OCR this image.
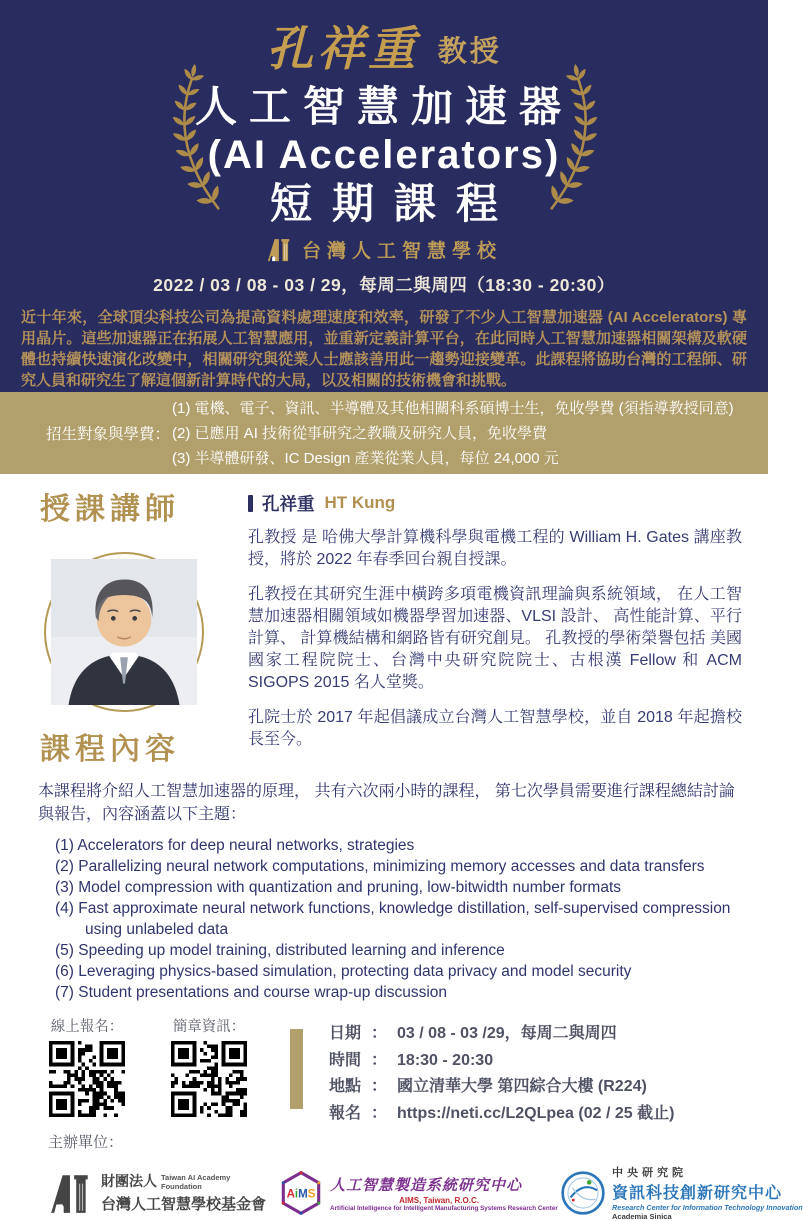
孔祥重 教授
人工智慧加速器
(AI Accelerators)
短期課程
台灣人工智慧學校
2022 / 03 / 08 - 03 / 29，每周二與周四（18:30 - 20:30）

近十年來，全球頂尖科技公司為提高資料處理速度和效率，研發了不少人工智慧加速器 (AI Accelerators) 專用晶片。這些加速器正在拓展人工智慧應用，並重新定義計算平台，在此同時人工智慧加速器相關架構及軟硬體也持續快速演化改變中，相關研究與從業人士應該善用此一趨勢迎接變革。此課程將協助台灣的工程師、研究人員和研究生了解這個新計算時代的大局，以及相關的技術機會和挑戰。

招生對象與學費：
(1) 電機、電子、資訊、半導體及其他相關科系碩博士生，免收學費 (須指導教授同意)
(2) 已應用 AI 技術從事研究之教職及研究人員，免收學費
(3) 半導體研發、IC Design 產業從業人員，每位 24,000 元
授課講師
課程內容
孔祥重 HT Kung

孔教授 是 哈佛大學計算機科學與電機工程的 William H. Gates 講座教授，將於 2022 年春季回台親自授課。

孔教授在其研究生涯中橫跨多項電機資訊理論與系統領域， 在人工智慧加速器相關領域如機器學習加速器、VLSI 設計、 高性能計算、平行計算、 計算機結構和網路皆有研究創見。 孔教授的學術榮譽包括 美國國家工程院院士、台灣中央研究院院士、古根漢 Fellow 和 ACM SIGOPS 2015 名人堂獎。

孔院士於 2017 年起倡議成立台灣人工智慧學校，並自 2018 年起擔校長至今。

本課程將介紹人工智慧加速器的原理， 共有六次兩小時的課程， 第七次學員需要進行課程總結討論與報告，內容涵蓋以下主題：

(1) Accelerators for deep neural networks, strategies
(2) Parallelizing neural network computations, minimizing memory accesses and data transfers
(3) Model compression with quantization and pruning, low-bitwidth number formats
(4) Fast approximate neural network functions, knowledge distillation, self-supervised compression using unlabeled data
(5) Speeding up model training, distributed learning and inference
(6) Leveraging physics-based simulation, protecting data privacy and model security
(7) Student presentations and course wrap-up discussion
線上報名：	簡章資訊：	日期 ： 03 / 08 - 03 /29，每周二與周四
時間 ： 18:30 - 20:30
地點 ： 國立清華大學 第四綜合大樓 (R224)
報名 ： https://neti.cc/L2QLpea (02 / 25 截止)
主辦單位：
財團法人 Taiwan AI Academy
Foundation
台灣人工智慧學校基金會
AiMS
人工智慧製造系統研究中心
AIMS, Taiwan, R.O.C.
Artificial Intelligence for Intelligent Manufacturing Systems Research Center
中央研究院
資訊科技創新研究中心
Research Center for Information Technology Innovation
Academia Sinica
